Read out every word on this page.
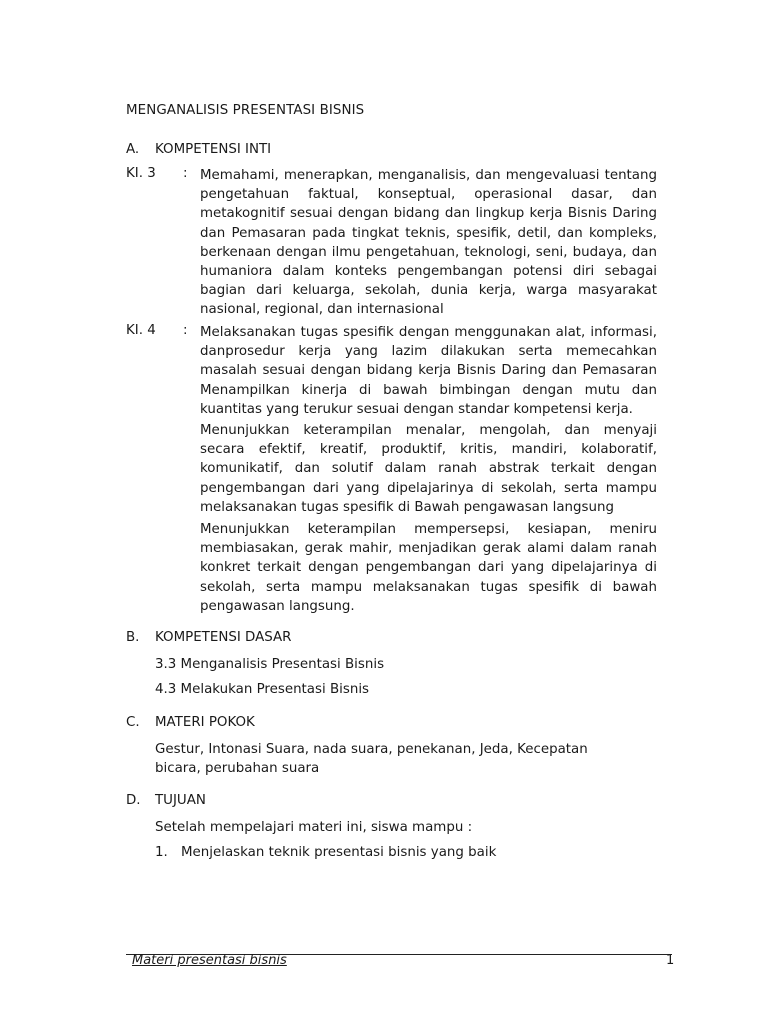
MENGANALISIS PRESENTASI BISNIS
A. KOMPETENSI INTI
KI. 3 : Memahami, menerapkan, menganalisis, dan mengevaluasi tentang pengetahuan faktual, konseptual, operasional dasar, dan metakognitif sesuai dengan bidang dan lingkup kerja Bisnis Daring dan Pemasaran pada tingkat teknis, spesifik, detil, dan kompleks, berkenaan dengan ilmu pengetahuan, teknologi, seni, budaya, dan humaniora dalam konteks pengembangan potensi diri sebagai bagian dari keluarga, sekolah, dunia kerja, warga masyarakat nasional, regional, dan internasional

KI. 4 : Melaksanakan tugas spesifik dengan menggunakan alat, informasi, danprosedur kerja yang lazim dilakukan serta memecahkan masalah sesuai dengan bidang kerja Bisnis Daring dan Pemasaran Menampilkan kinerja di bawah bimbingan dengan mutu dan kuantitas yang terukur sesuai dengan standar kompetensi kerja.

Menunjukkan keterampilan menalar, mengolah, dan menyaji secara efektif, kreatif, produktif, kritis, mandiri, kolaboratif, komunikatif, dan solutif dalam ranah abstrak terkait dengan pengembangan dari yang dipelajarinya di sekolah, serta mampu melaksanakan tugas spesifik di Bawah pengawasan langsung

Menunjukkan keterampilan mempersepsi, kesiapan, meniru membiasakan, gerak mahir, menjadikan gerak alami dalam ranah konkret terkait dengan pengembangan dari yang dipelajarinya di sekolah, serta mampu melaksanakan tugas spesifik di bawah pengawasan langsung.

B. KOMPETENSI DASAR
3.3 Menganalisis Presentasi Bisnis
4.3 Melakukan Presentasi Bisnis
C. MATERI POKOK

Gestur, Intonasi Suara, nada suara, penekanan, Jeda, Kecepatan bicara, perubahan suara

D. TUJUAN
Setelah mempelajari materi ini, siswa mampu :
1. Menjelaskan teknik presentasi bisnis yang baik
Materi presentasi bisnis	1
